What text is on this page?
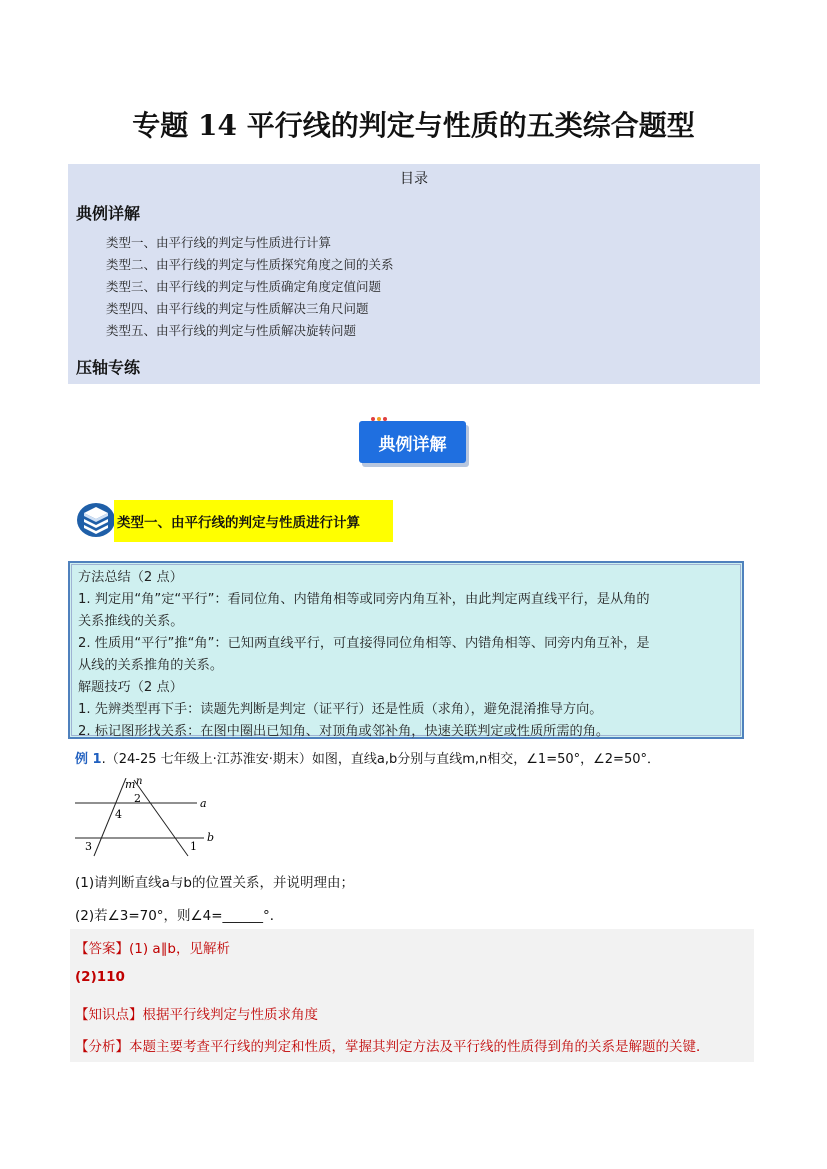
专题 14 平行线的判定与性质的五类综合题型
目录
典例详解
类型一、由平行线的判定与性质进行计算
类型二、由平行线的判定与性质探究角度之间的关系
类型三、由平行线的判定与性质确定角度定值问题
类型四、由平行线的判定与性质解决三角尺问题
类型五、由平行线的判定与性质解决旋转问题
压轴专练
典例详解
类型一、由平行线的判定与性质进行计算
方法总结（2 点）
1. 判定用“角”定“平行”：看同位角、内错角相等或同旁内角互补，由此判定两直线平行，是从角的
关系推线的关系。
2. 性质用“平行”推“角”：已知两直线平行，可直接得同位角相等、内错角相等、同旁内角互补，是
从线的关系推角的关系。
解题技巧（2 点）
1. 先辨类型再下手：读题先判断是判定（证平行）还是性质（求角），避免混淆推导方向。
2. 标记图形找关系：在图中圈出已知角、对顶角或邻补角，快速关联判定或性质所需的角。
例 1.（24-25 七年级上·江苏淮安·期末）如图，直线a,b分别与直线m,n相交，∠1=50°，∠2=50°．
m
2
4
a
b
3	1
n
(1)请判断直线a与b的位置关系，并说明理由；
(2)若∠3=70°，则∠4=______°．
【答案】(1) a∥b，见解析
(2)110
【知识点】根据平行线判定与性质求角度
【分析】本题主要考查平行线的判定和性质，掌握其判定方法及平行线的性质得到角的关系是解题的关键．
